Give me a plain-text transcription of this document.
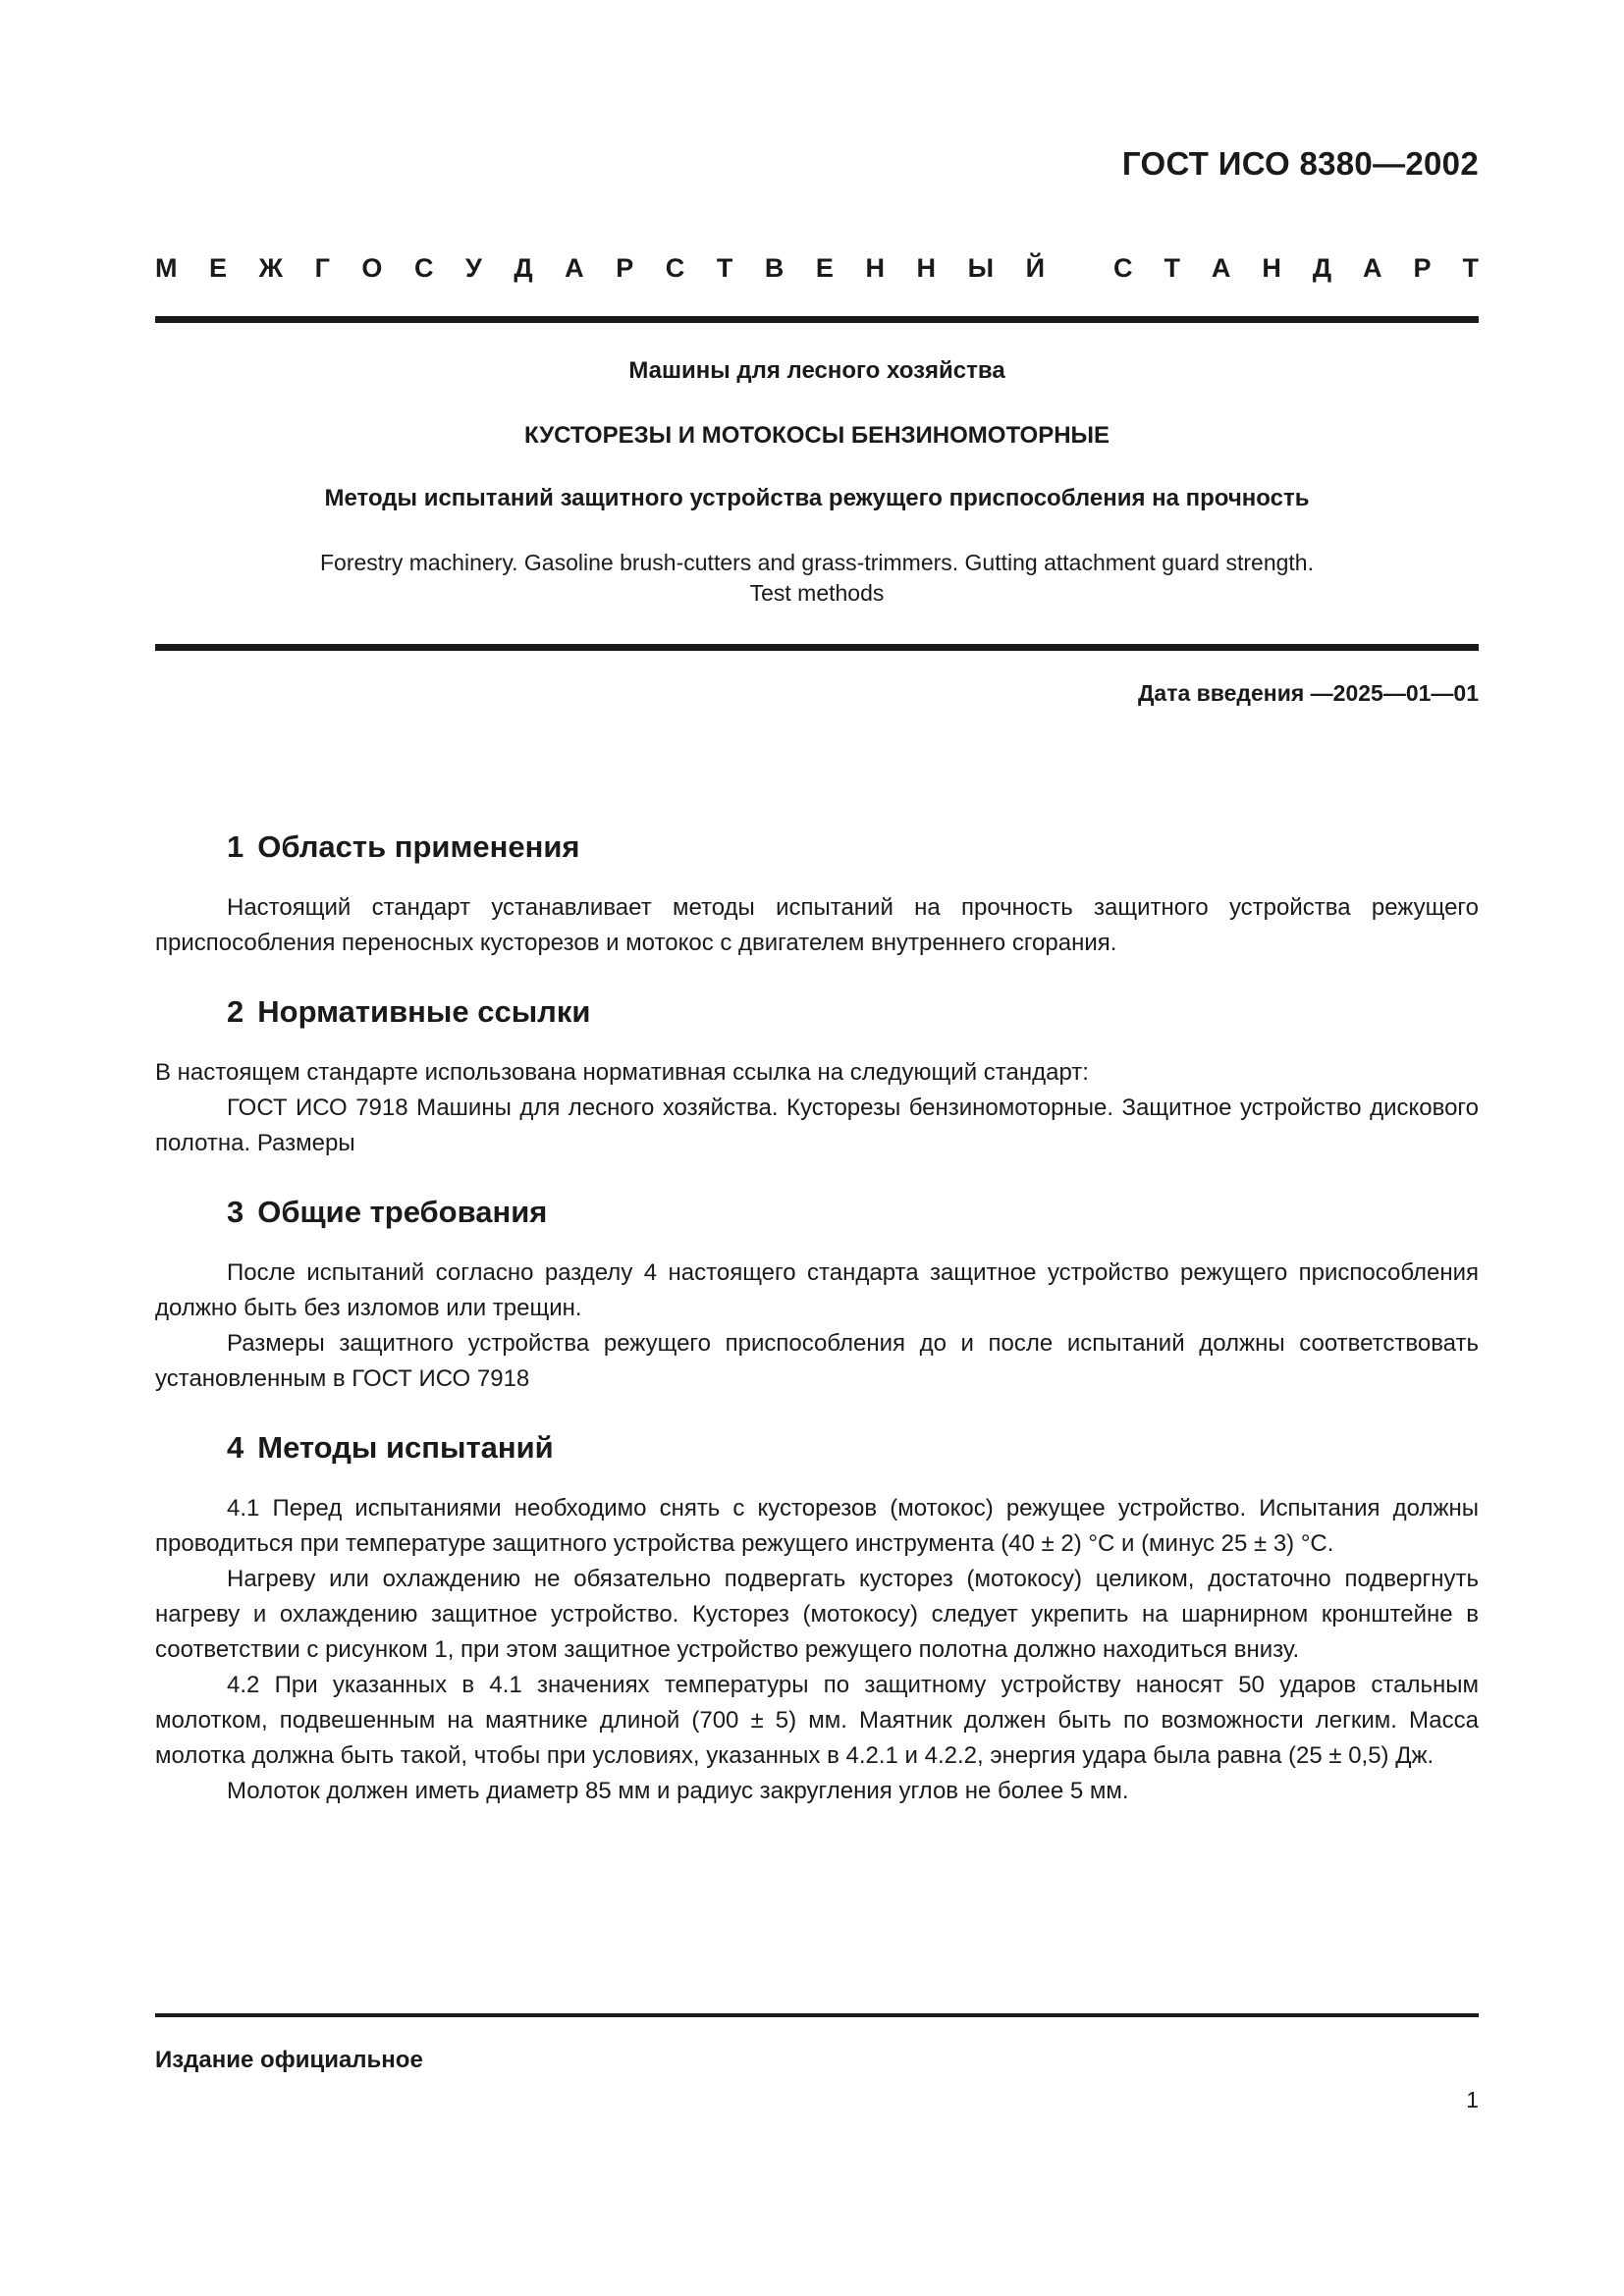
ГОСТ ИСО 8380—2002
М Е Ж Г О С У Д А Р С Т В Е Н Н Ы Й	С Т А Н Д А Р Т
Машины для лесного хозяйства
КУСТОРЕЗЫ И МОТОКОСЫ БЕНЗИНОМОТОРНЫЕ
Методы испытаний защитного устройства режущего приспособления на прочность
Forestry machinery. Gasoline brush-cutters and grass-trimmers. Gutting attachment guard strength.
Test methods
Дата введения —2025—01—01
1 Область применения

Настоящий стандарт устанавливает методы испытаний на прочность защитного устройства режущего приспособления переносных кусторезов и мотокос с двигателем внутреннего сгорания.

2 Нормативные ссылки

В настоящем стандарте использована нормативная ссылка на следующий стандарт:

ГОСТ ИСО 7918 Машины для лесного хозяйства. Кусторезы бензиномоторные. Защитное устройство дискового полотна. Размеры

3 Общие требования

После испытаний согласно разделу 4 настоящего стандарта защитное устройство режущего приспособления должно быть без изломов или трещин.

Размеры защитного устройства режущего приспособления до и после испытаний должны соответствовать установленным в ГОСТ ИСО 7918

4 Методы испытаний

4.1 Перед испытаниями необходимо снять с кусторезов (мотокос) режущее устройство. Испытания должны проводиться при температуре защитного устройства режущего инструмента (40 ± 2) °С и (минус 25 ± 3) °С.

Нагреву или охлаждению не обязательно подвергать кусторез (мотокосу) целиком, достаточно подвергнуть нагреву и охлаждению защитное устройство. Кусторез (мотокосу) следует укрепить на шарнирном кронштейне в соответствии с рисунком 1, при этом защитное устройство режущего полотна должно находиться внизу.

4.2 При указанных в 4.1 значениях температуры по защитному устройству наносят 50 ударов стальным молотком, подвешенным на маятнике длиной (700 ± 5) мм. Маятник должен быть по возможности легким. Масса молотка должна быть такой, чтобы при условиях, указанных в 4.2.1 и 4.2.2, энергия удара была равна (25 ± 0,5) Дж.

Молоток должен иметь диаметр 85 мм и радиус закругления углов не более 5 мм.

Издание официальное
1
